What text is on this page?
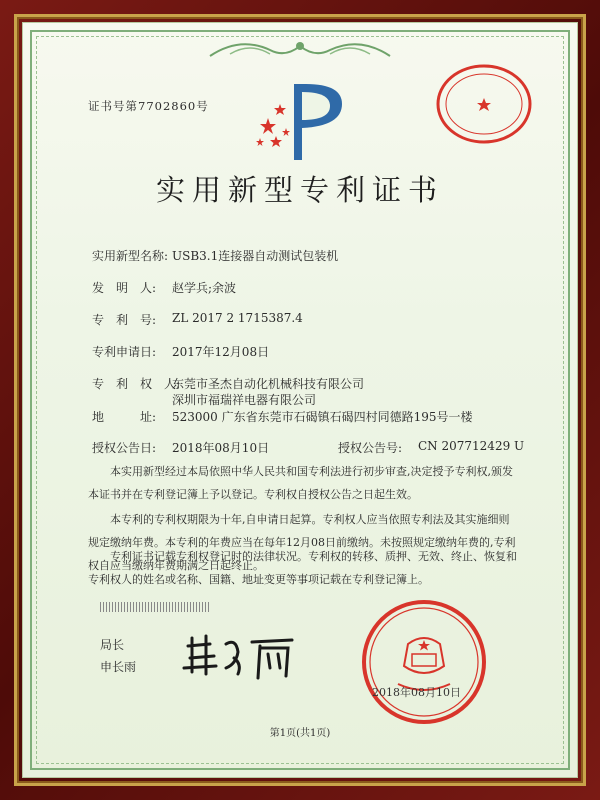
证书号第7702860号
实用新型专利证书
实用新型名称: USB3.1连接器自动测试包装机
发　明　人: 赵学兵;余波
专　利　号: ZL 2017 2 1715387.4
专利申请日: 2017年12月08日
专　利　权　人:
东莞市圣杰自动化机械科技有限公司
深圳市福瑞祥电器有限公司
地　　　址: 523000 广东省东莞市石碣镇石碣四村同德路195号一楼
授权公告日: 2018年08月10日	授权公告号: CN 207712429 U
本实用新型经过本局依照中华人民共和国专利法进行初步审查,决定授予专利权,颁发本证书并在专利登记簿上予以登记。专利权自授权公告之日起生效。
本专利的专利权期限为十年,自申请日起算。专利权人应当依照专利法及其实施细则规定缴纳年费。本专利的年费应当在每年12月08日前缴纳。未按照规定缴纳年费的,专利权自应当缴纳年费期满之日起终止。
专利证书记载专利权登记时的法律状况。专利权的转移、质押、无效、终止、恢复和专利权人的姓名或名称、国籍、地址变更等事项记载在专利登记簿上。
局长
申长雨
2018年08月10日
第1页(共1页)
